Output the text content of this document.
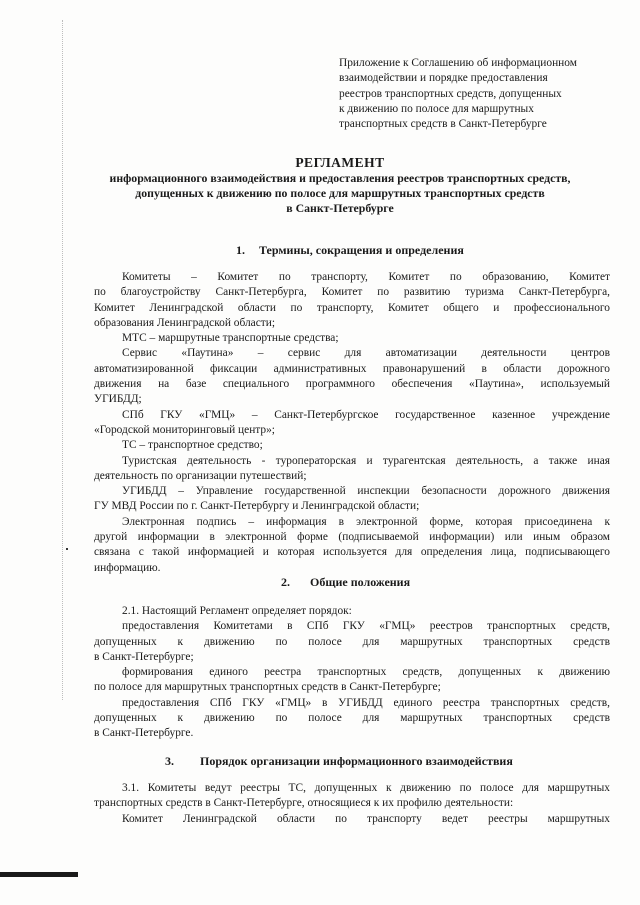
Приложение к Соглашению об информационном
взаимодействии и порядке предоставления
реестров транспортных средств, допущенных
к движению по полосе для маршрутных
транспортных средств в Санкт-Петербурге
РЕГЛАМЕНТ
информационного взаимодействия и предоставления реестров транспортных средств,
допущенных к движению по полосе для маршрутных транспортных средств
в Санкт-Петербурге
1. Термины, сокращения и определения
Комитеты – Комитет по транспорту, Комитет по образованию, Комитет
по благоустройству Санкт-Петербурга, Комитет по развитию туризма Санкт-Петербурга,
Комитет Ленинградской области по транспорту, Комитет общего и профессионального
образования Ленинградской области;
МТС – маршрутные транспортные средства;
Сервис «Паутина» – сервис для автоматизации деятельности центров
автоматизированной фиксации административных правонарушений в области дорожного
движения на базе специального программного обеспечения «Паутина», используемый
УГИБДД;
СПб ГКУ «ГМЦ» – Санкт-Петербургское государственное казенное учреждение
«Городской мониторинговый центр»;
ТС – транспортное средство;
Туристская деятельность - туроператорская и турагентская деятельность, а также иная
деятельность по организации путешествий;
УГИБДД – Управление государственной инспекции безопасности дорожного движения
ГУ МВД России по г. Санкт-Петербургу и Ленинградской области;
Электронная подпись – информация в электронной форме, которая присоединена к
другой информации в электронной форме (подписываемой информации) или иным образом
связана с такой информацией и которая используется для определения лица, подписывающего
информацию.
2. Общие положения
2.1. Настоящий Регламент определяет порядок:
предоставления Комитетами в СПб ГКУ «ГМЦ» реестров транспортных средств,
допущенных к движению по полосе для маршрутных транспортных средств
в Санкт-Петербурге;
формирования единого реестра транспортных средств, допущенных к движению
по полосе для маршрутных транспортных средств в Санкт-Петербурге;
предоставления СПб ГКУ «ГМЦ» в УГИБДД единого реестра транспортных средств,
допущенных к движению по полосе для маршрутных транспортных средств
в Санкт-Петербурге.
3. Порядок организации информационного взаимодействия
3.1. Комитеты ведут реестры ТС, допущенных к движению по полосе для маршрутных
транспортных средств в Санкт-Петербурге, относящиеся к их профилю деятельности:
Комитет Ленинградской области по транспорту ведет реестры маршрутных
